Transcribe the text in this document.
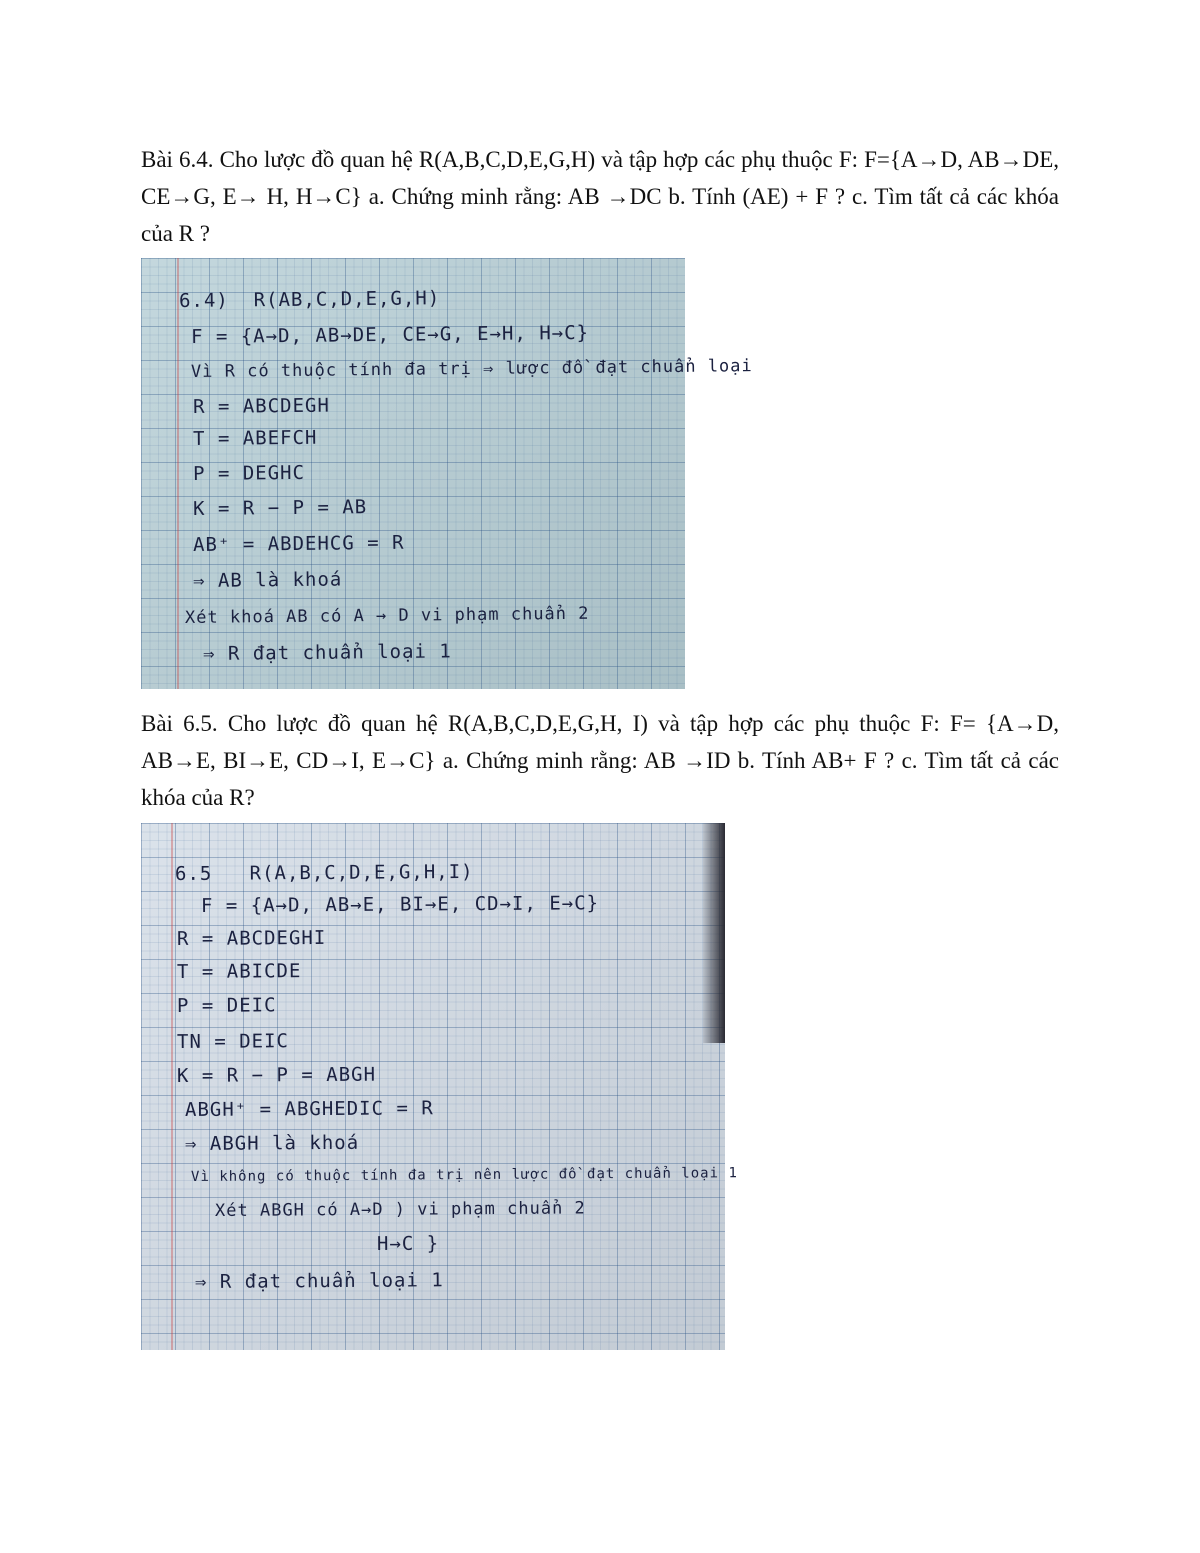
Bài 6.4. Cho lược đồ quan hệ R(A,B,C,D,E,G,H) và tập hợp các phụ thuộc F: F={A→D, AB→DE, CE→G, E→ H, H→C} a. Chứng minh rằng: AB →DC b. Tính (AE) + F ? c. Tìm tất cả các khóa của R ?

6.4)  R(AB,C,D,E,G,H)
F = {A→D, AB→DE, CE→G, E→H, H→C}
Vì R có thuộc tính đa trị ⇒ lược đồ đạt chuẩn loại
R = ABCDEGH
T = ABEFCH
P = DEGHC
K = R − P = AB
AB⁺ = ABDEHCG = R
⇒ AB là khoá
Xét khoá AB có A → D vi phạm chuẩn 2
⇒ R đạt chuẩn loại 1

Bài 6.5. Cho lược đồ quan hệ R(A,B,C,D,E,G,H, I) và tập hợp các phụ thuộc F: F= {A→D, AB→E, BI→E, CD→I, E→C} a. Chứng minh rằng: AB →ID b. Tính AB+ F ? c. Tìm tất cả các khóa của R?

6.5   R(A,B,C,D,E,G,H,I)
F = {A→D, AB→E, BI→E, CD→I, E→C}
R = ABCDEGHI
T = ABICDE
P = DEIC
TN = DEIC
K = R − P = ABGH
ABGH⁺ = ABGHEDIC = R
⇒ ABGH là khoá
Vì không có thuộc tính đa trị nên lược đồ đạt chuẩn loại 1
Xét ABGH có A→D ) vi phạm chuẩn 2
H→C }
⇒ R đạt chuẩn loại 1
